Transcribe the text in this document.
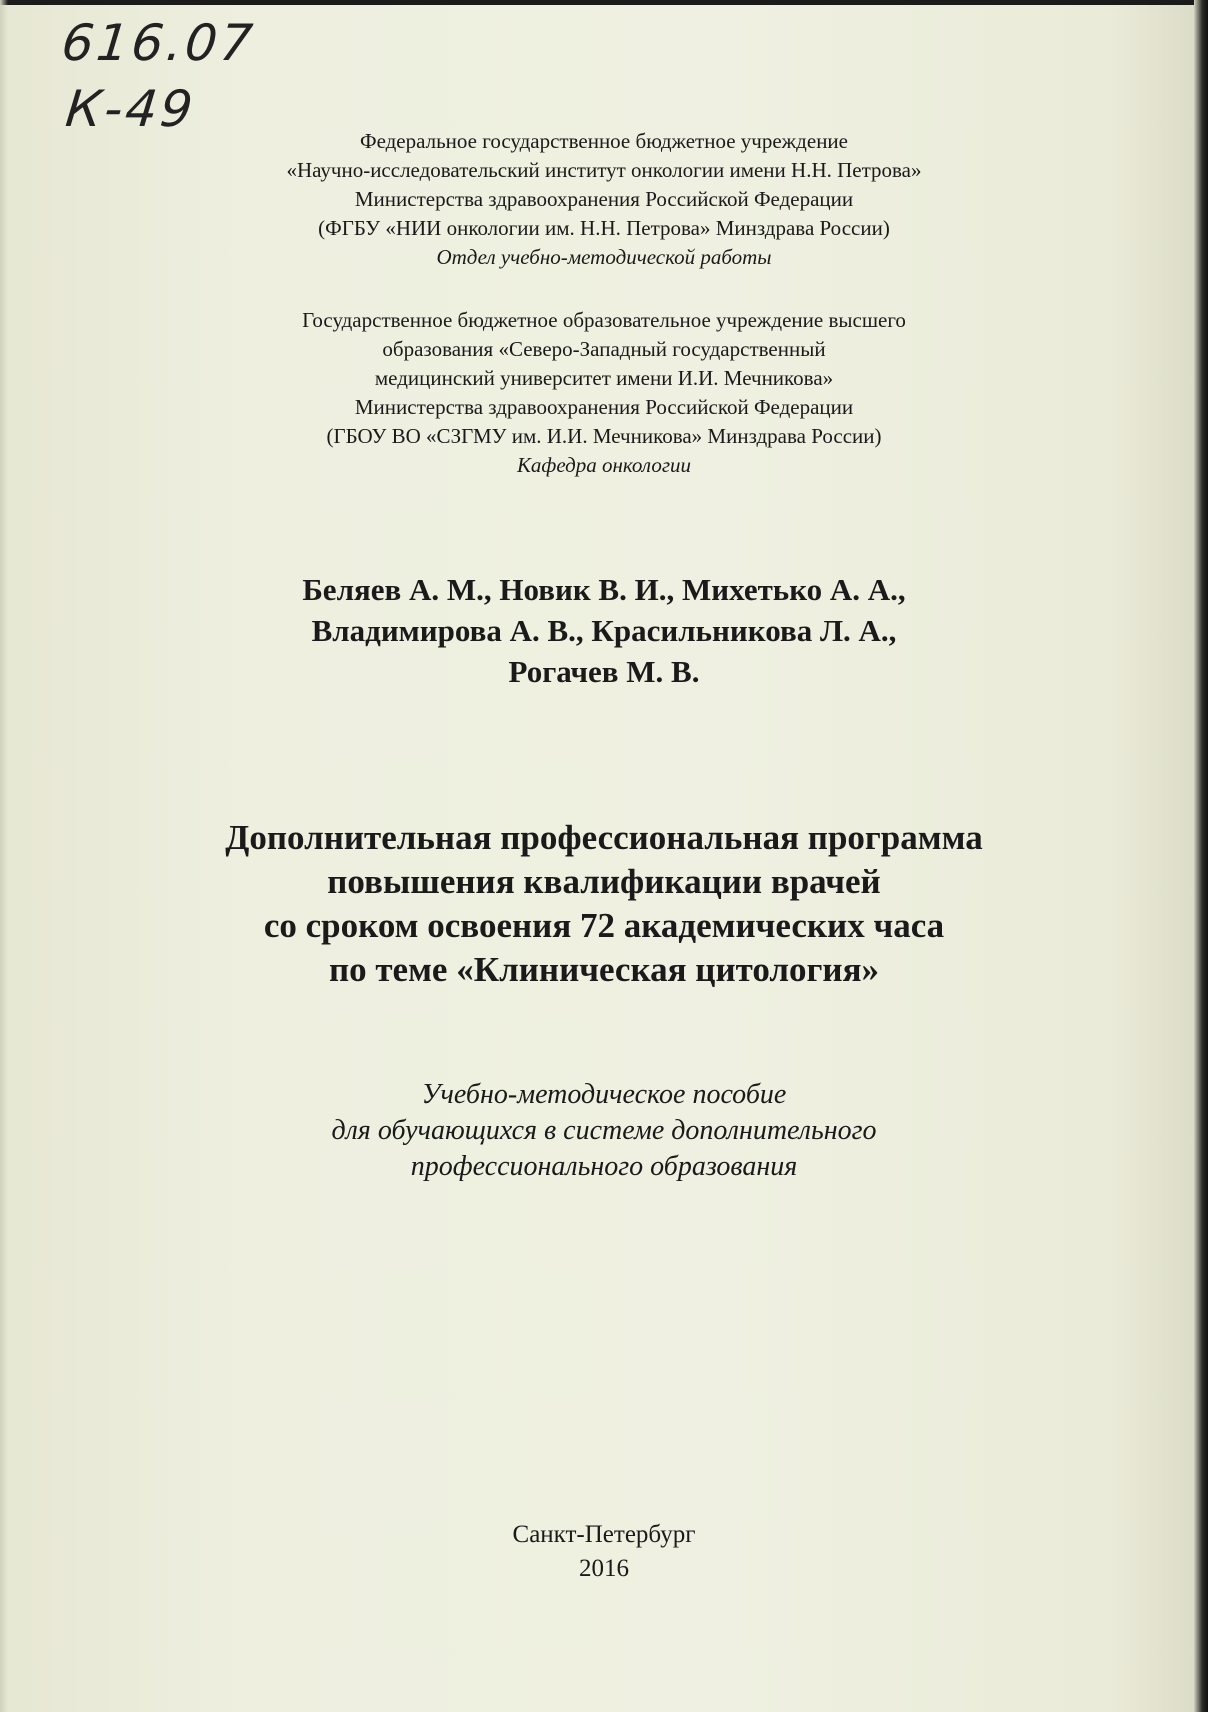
616.07
К-49
Федеральное государственное бюджетное учреждение
«Научно-исследовательский институт онкологии имени Н.Н. Петрова»
Министерства здравоохранения Российской Федерации
(ФГБУ «НИИ онкологии им. Н.Н. Петрова» Минздрава России)
Отдел учебно-методической работы
Государственное бюджетное образовательное учреждение высшего
образования «Северо-Западный государственный
медицинский университет имени И.И. Мечникова»
Министерства здравоохранения Российской Федерации
(ГБОУ ВО «СЗГМУ им. И.И. Мечникова» Минздрава России)
Кафедра онкологии
Беляев А. М., Новик В. И., Михетько А. А.,
Владимирова А. В., Красильникова Л. А.,
Рогачев М. В.
Дополнительная профессиональная программа
повышения квалификации врачей
со сроком освоения 72 академических часа
по теме «Клиническая цитология»
Учебно-методическое пособие
для обучающихся в системе дополнительного
профессионального образования
Санкт-Петербург
2016
